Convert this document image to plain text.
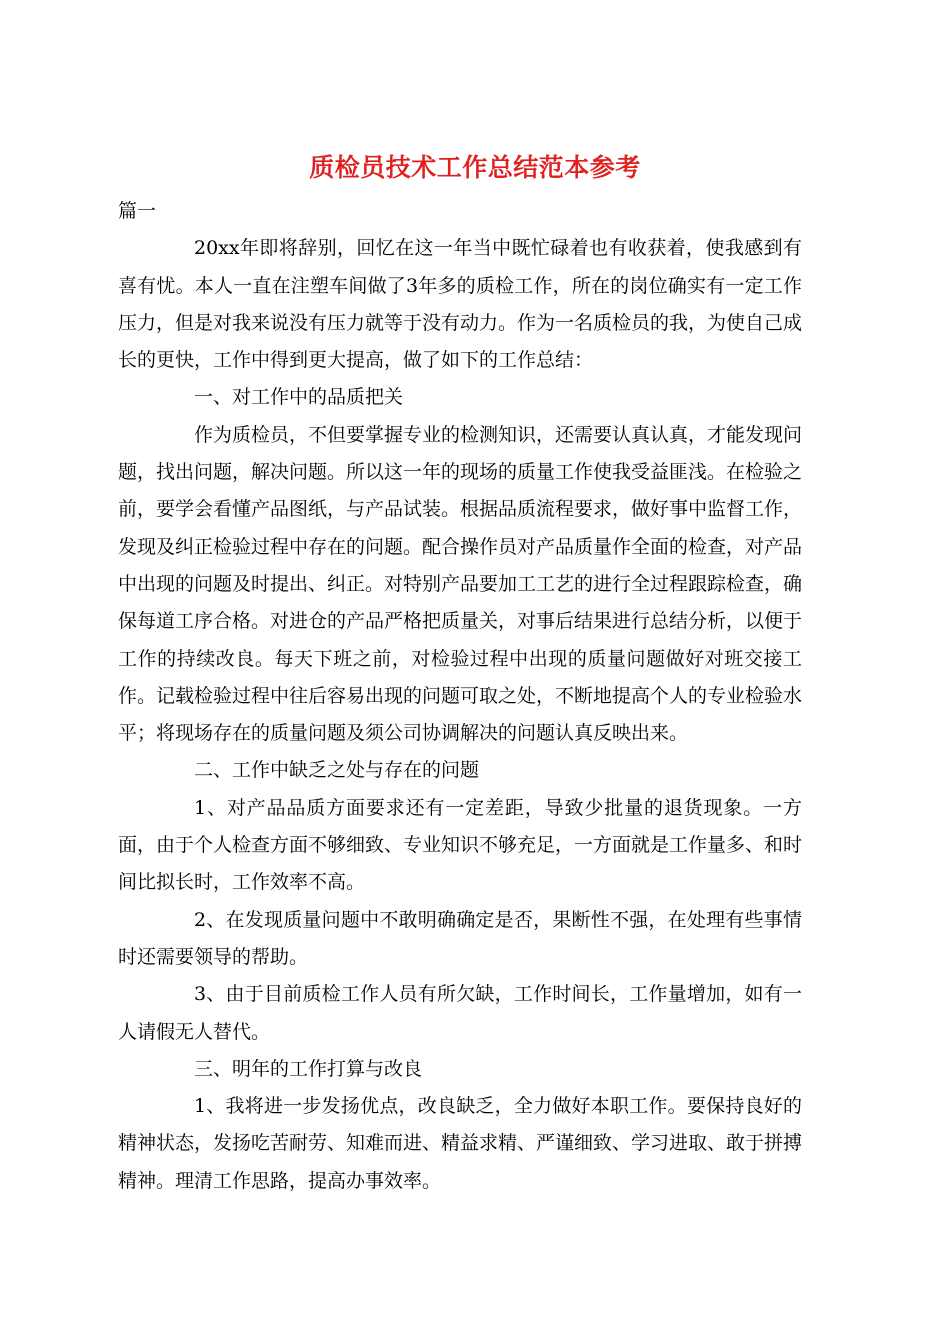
质检员技术工作总结范本参考

篇一

20xx年即将辞别，回忆在这一年当中既忙碌着也有收获着，使我感到有喜有忧。本人一直在注塑车间做了3年多的质检工作，所在的岗位确实有一定工作压力，但是对我来说没有压力就等于没有动力。作为一名质检员的我，为使自己成长的更快，工作中得到更大提高，做了如下的工作总结：

一、对工作中的品质把关

作为质检员，不但要掌握专业的检测知识，还需要认真认真，才能发现问题，找出问题，解决问题。所以这一年的现场的质量工作使我受益匪浅。在检验之前，要学会看懂产品图纸，与产品试装。根据品质流程要求，做好事中监督工作，发现及纠正检验过程中存在的问题。配合操作员对产品质量作全面的检查，对产品中出现的问题及时提出、纠正。对特别产品要加工工艺的进行全过程跟踪检查，确保每道工序合格。对进仓的产品严格把质量关，对事后结果进行总结分析，以便于工作的持续改良。每天下班之前，对检验过程中出现的质量问题做好对班交接工作。记载检验过程中往后容易出现的问题可取之处，不断地提高个人的专业检验水平；将现场存在的质量问题及须公司协调解决的问题认真反映出来。

二、工作中缺乏之处与存在的问题

1、对产品品质方面要求还有一定差距，导致少批量的退货现象。一方面，由于个人检查方面不够细致、专业知识不够充足，一方面就是工作量多、和时间比拟长时，工作效率不高。

2、在发现质量问题中不敢明确确定是否，果断性不强，在处理有些事情时还需要领导的帮助。

3、由于目前质检工作人员有所欠缺，工作时间长，工作量增加，如有一人请假无人替代。

三、明年的工作打算与改良

1、我将进一步发扬优点，改良缺乏，全力做好本职工作。要保持良好的精神状态，发扬吃苦耐劳、知难而进、精益求精、严谨细致、学习进取、敢于拼搏精神。理清工作思路，提高办事效率。
